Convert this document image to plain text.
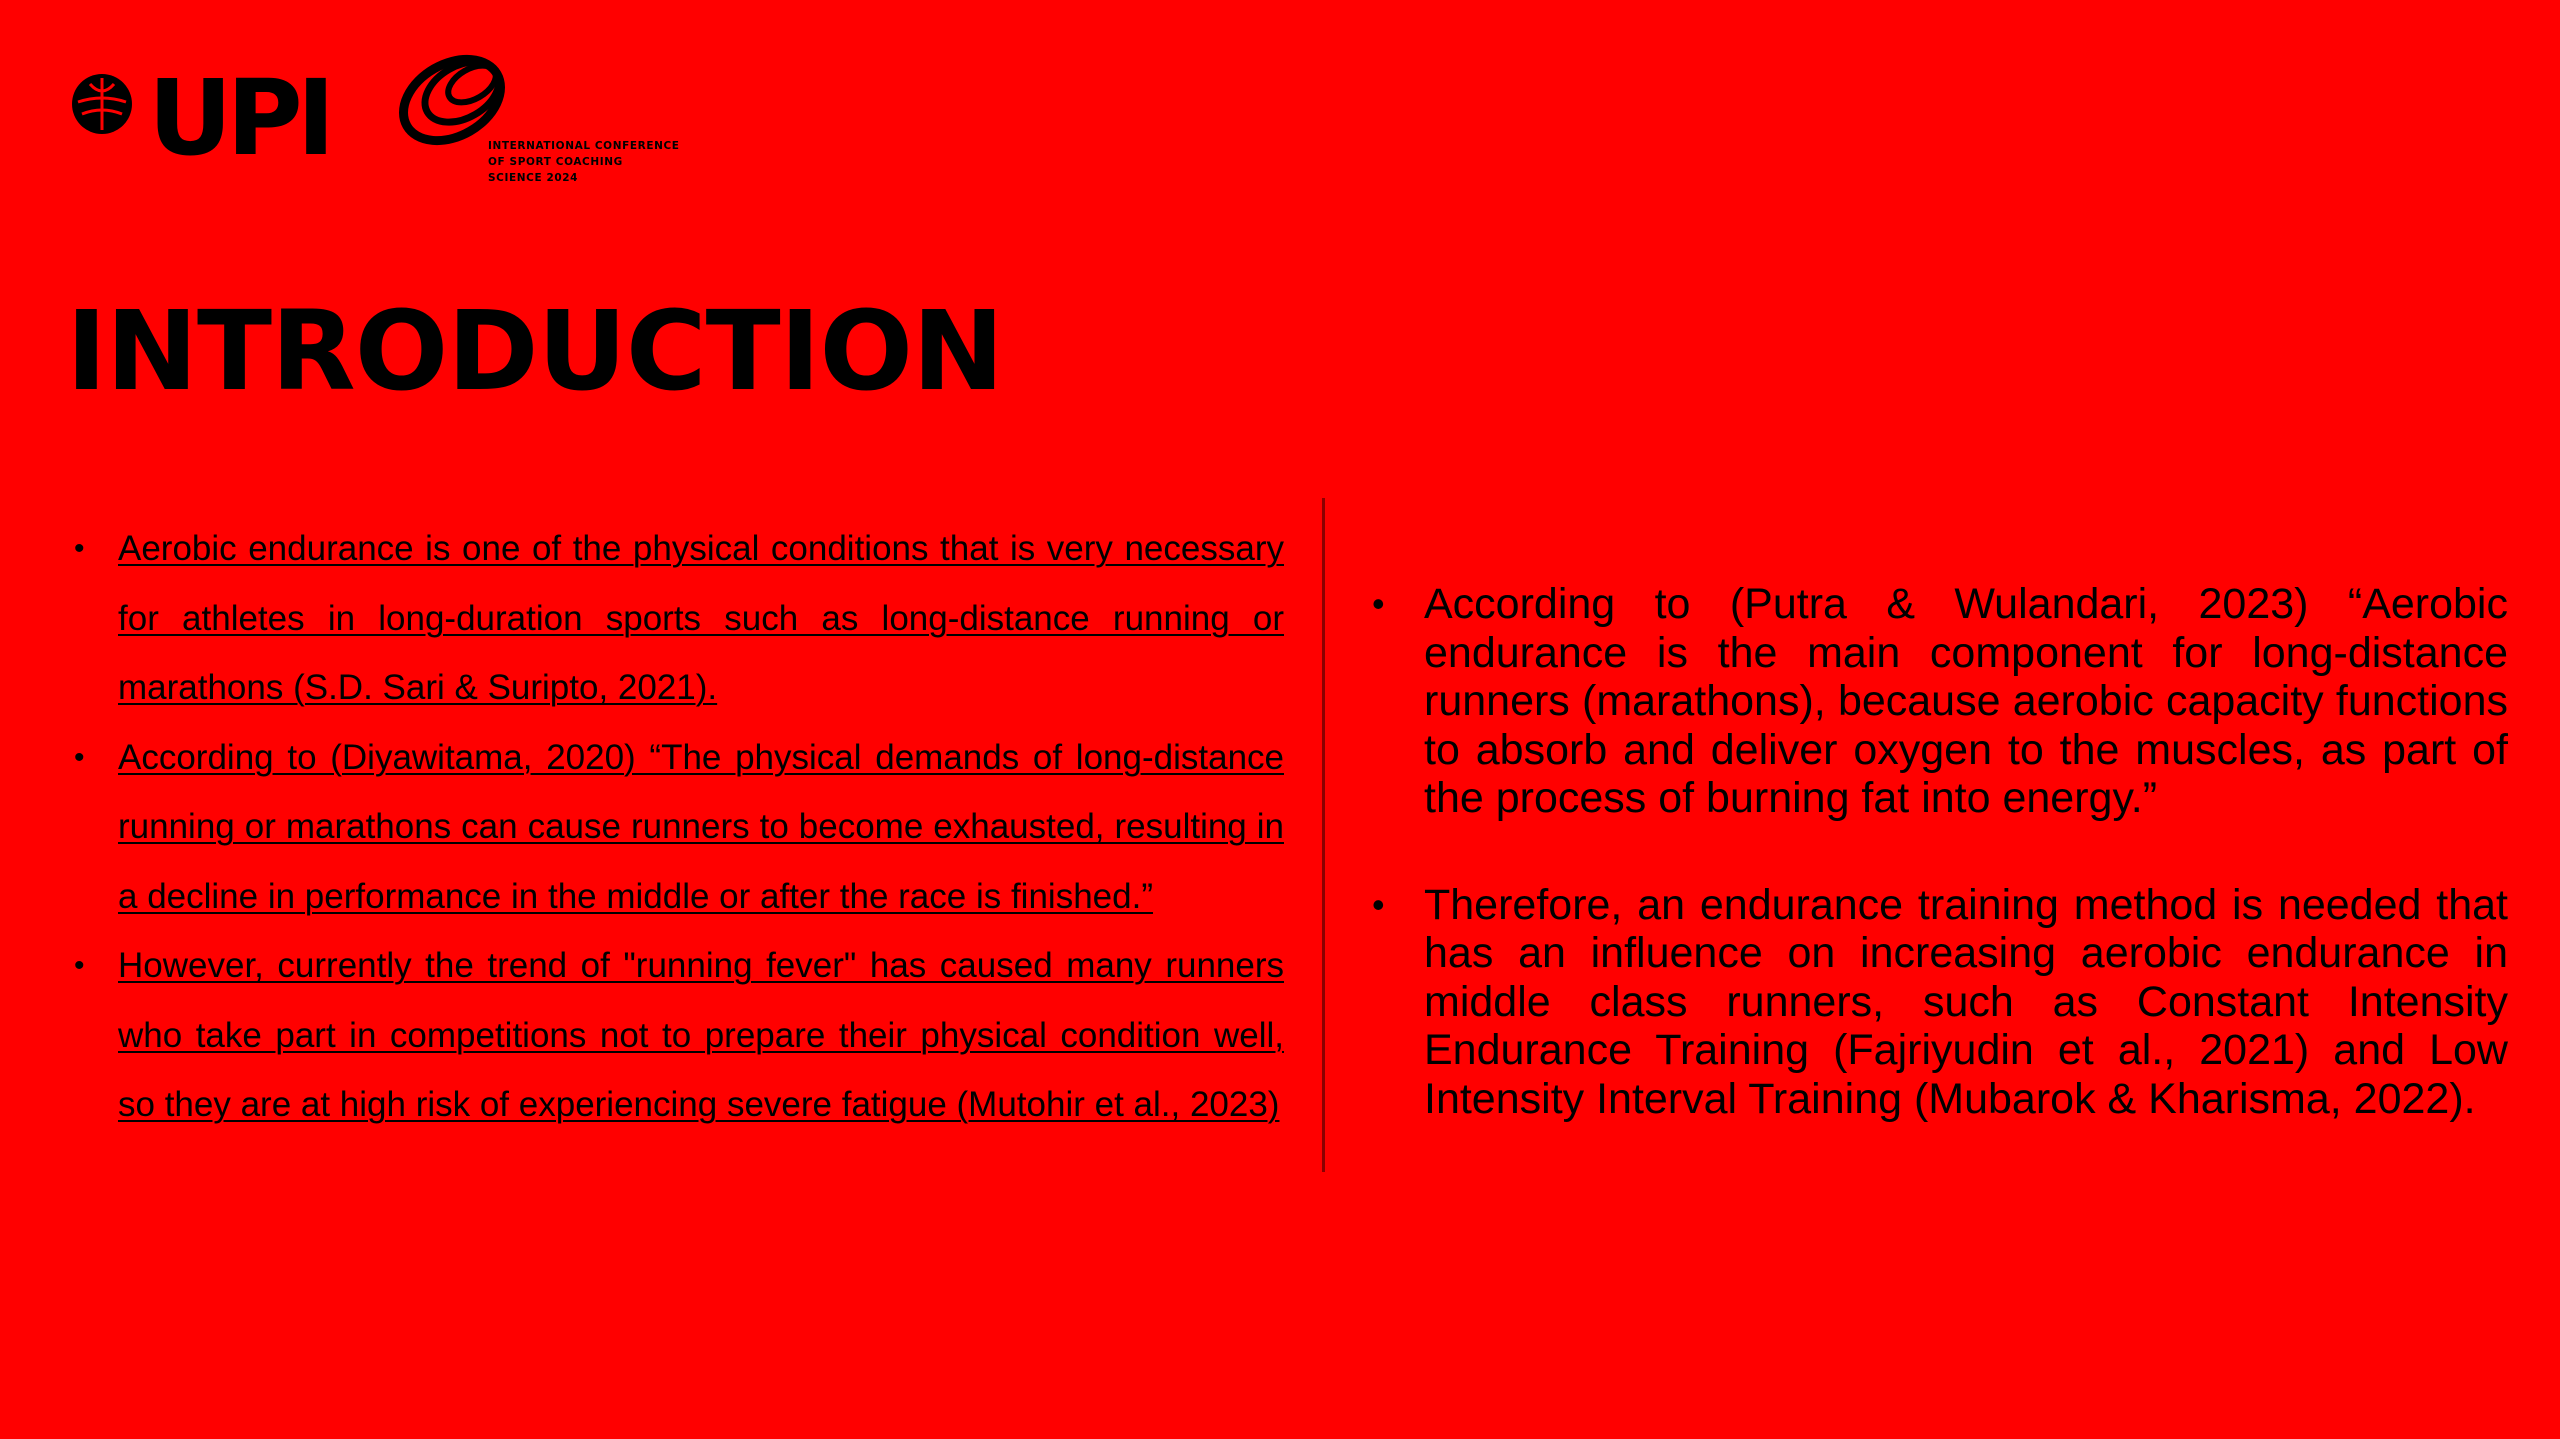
UPI	INTERNATIONAL CONFERENCE
OF SPORT COACHING
SCIENCE 2024
INTRODUCTION
• Aerobic endurance is one of the physical conditions that is very necessary for athletes in long-duration sports such as long-distance running or marathons (S.D. Sari & Suripto, 2021).
• According to (Diyawitama, 2020) “The physical demands of long-distance running or marathons can cause runners to become exhausted, resulting in a decline in performance in the middle or after the race is finished.”
• However, currently the trend of "running fever" has caused many runners who take part in competitions not to prepare their physical condition well, so they are at high risk of experiencing severe fatigue (Mutohir et al., 2023)
• According to (Putra & Wulandari, 2023) “Aerobic endurance is the main component for long-distance runners (marathons), because aerobic capacity functions to absorb and deliver oxygen to the muscles, as part of the process of burning fat into energy.”
• Therefore, an endurance training method is needed that has an influence on increasing aerobic endurance in middle class runners, such as Constant Intensity Endurance Training (Fajriyudin et al., 2021) and Low Intensity Interval Training (Mubarok & Kharisma, 2022).
